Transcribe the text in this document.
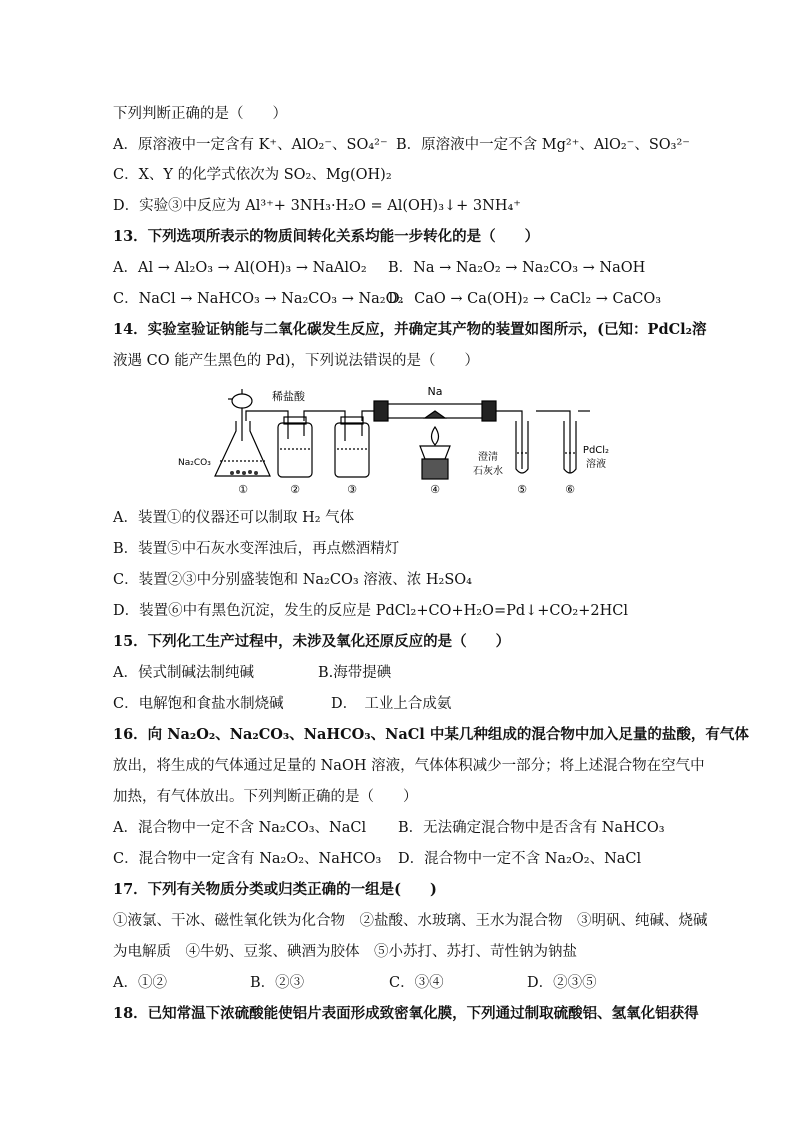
下列判断正确的是（　　）
A．原溶液中一定含有 K⁺、AlO₂⁻、SO₄²⁻ B．原溶液中一定不含 Mg²⁺、AlO₂⁻、SO₃²⁻
C．X、Y 的化学式依次为 SO₂、Mg(OH)₂
D．实验③中反应为 Al³⁺+ 3NH₃·H₂O = Al(OH)₃↓+ 3NH₄⁺
13．下列选项所表示的物质间转化关系均能一步转化的是（　　）
A．Al → Al₂O₃ → Al(OH)₃ → NaAlO₂ B．Na → Na₂O₂ → Na₂CO₃ → NaOH
C．NaCl → NaHCO₃ → Na₂CO₃ → Na₂O₂
D．CaO → Ca(OH)₂ → CaCl₂ → CaCO₃
14．实验室验证钠能与二氧化碳发生反应，并确定其产物的装置如图所示，(已知：PdCl₂溶
液遇 CO 能产生黑色的 Pd)，下列说法错误的是（　　）
稀盐酸
Na₂CO₃
①	②	③
Na
④
澄清
石灰水
⑤
PdCl₂
溶液
⑥
A．装置①的仪器还可以制取 H₂ 气体
B．装置⑤中石灰水变浑浊后，再点燃酒精灯
C．装置②③中分别盛装饱和 Na₂CO₃ 溶液、浓 H₂SO₄
D．装置⑥中有黑色沉淀，发生的反应是 PdCl₂+CO+H₂O=Pd↓+CO₂+2HCl
15．下列化工生产过程中，未涉及氧化还原反应的是（　　）
A．侯式制碱法制纯碱	B.海带提碘
C．电解饱和食盐水制烧碱	D．　工业上合成氨
16．向 Na₂O₂、Na₂CO₃、NaHCO₃、NaCl 中某几种组成的混合物中加入足量的盐酸，有气体
放出，将生成的气体通过足量的 NaOH 溶液，气体体积减少一部分；将上述混合物在空气中
加热，有气体放出。下列判断正确的是（　　）
A．混合物中一定不含 Na₂CO₃、NaCl B．无法确定混合物中是否含有 NaHCO₃
C．混合物中一定含有 Na₂O₂、NaHCO₃ D．混合物中一定不含 Na₂O₂、NaCl
17．下列有关物质分类或归类正确的一组是(　　)
①液氯、干冰、磁性氧化铁为化合物　②盐酸、水玻璃、王水为混合物　③明矾、纯碱、烧碱
为电解质　④牛奶、豆浆、碘酒为胶体　⑤小苏打、苏打、苛性钠为钠盐
A．①②	B．②③	C．③④	D．②③⑤
18．已知常温下浓硫酸能使铝片表面形成致密氧化膜，下列通过制取硫酸铝、氢氧化铝获得
